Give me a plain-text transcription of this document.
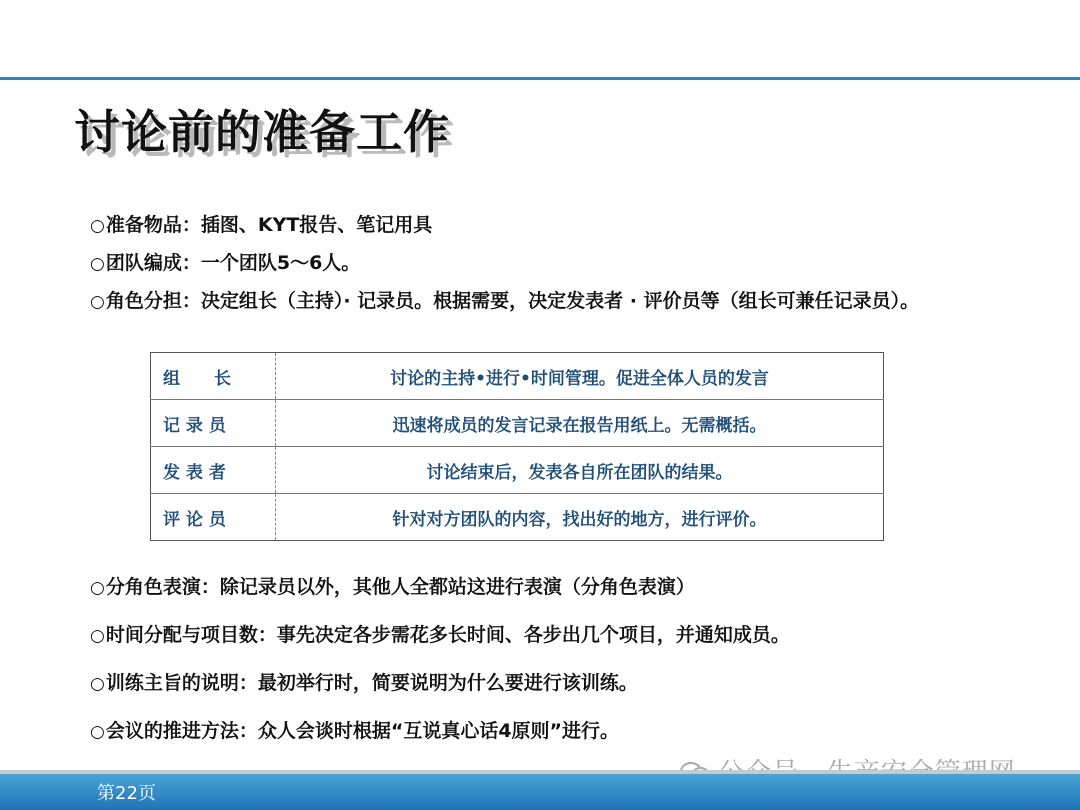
讨论前的准备工作
○准备物品：插图、KYT报告、笔记用具
○团队编成：一个团队5～6人。
○角色分担：决定组长（主持）· 记录员。根据需要，决定发表者 · 评价员等（组长可兼任记录员）。
组　　长	讨论的主持•进行•时间管理。促进全体人员的发言

记 录 员	迅速将成员的发言记录在报告用纸上。无需概括。

发 表 者	讨论结束后，发表各自所在团队的结果。

评 论 员	针对对方团队的内容，找出好的地方，进行评价。
○分角色表演：除记录员以外，其他人全都站这进行表演（分角色表演）
○时间分配与项目数：事先决定各步需花多长时间、各步出几个项目，并通知成员。
○训练主旨的说明：最初举行时，简要说明为什么要进行该训练。
○会议的推进方法：众人会谈时根据“互说真心话4原则”进行。
第22页
